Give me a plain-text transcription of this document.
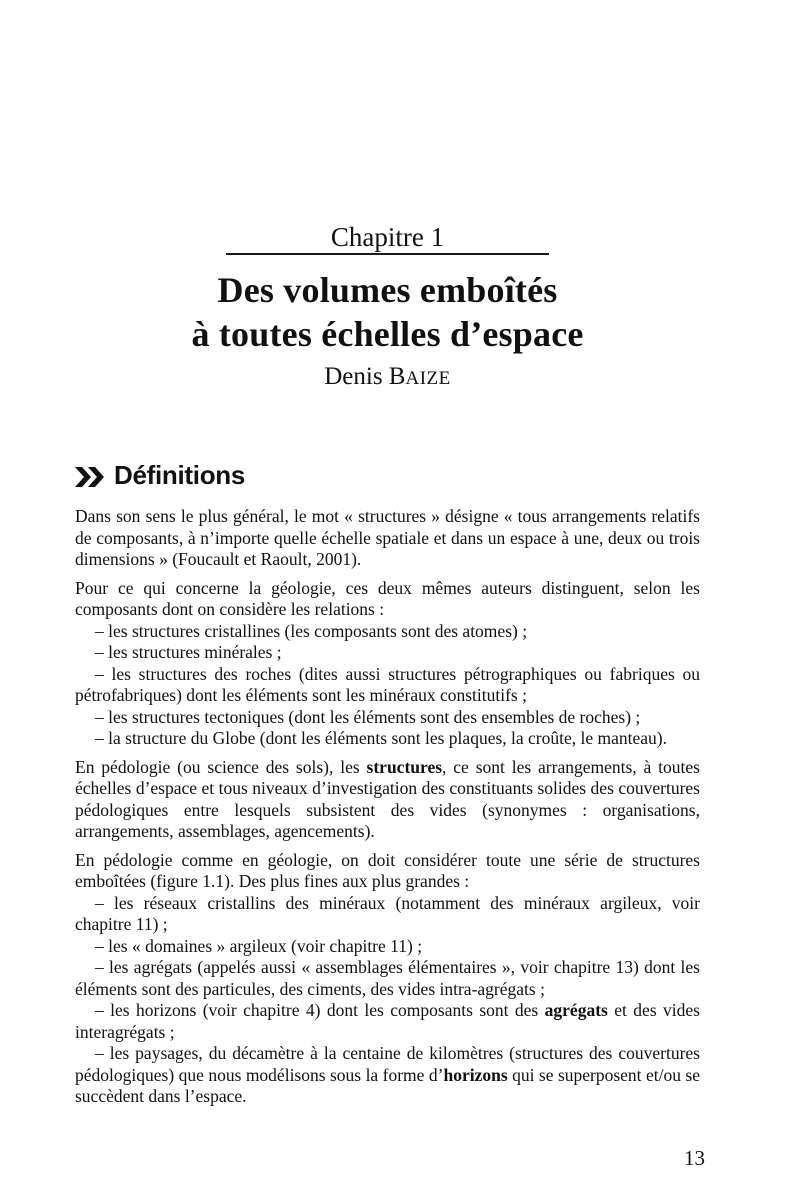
Chapitre 1
Des volumes emboîtés
à toutes échelles d’espace
Denis BAIZE
Définitions

Dans son sens le plus général, le mot « structures » désigne « tous arrangements relatifs de composants, à n’importe quelle échelle spatiale et dans un espace à une, deux ou trois dimensions » (Foucault et Raoult, 2001).

Pour ce qui concerne la géologie, ces deux mêmes auteurs distinguent, selon les composants dont on considère les relations :

– les structures cristallines (les composants sont des atomes) ;

– les structures minérales ;

– les structures des roches (dites aussi structures pétrographiques ou fabriques ou pétrofabriques) dont les éléments sont les minéraux constitutifs ;

– les structures tectoniques (dont les éléments sont des ensembles de roches) ;

– la structure du Globe (dont les éléments sont les plaques, la croûte, le manteau).

En pédologie (ou science des sols), les structures, ce sont les arrangements, à toutes échelles d’espace et tous niveaux d’investigation des constituants solides des couvertures pédologiques entre lesquels subsistent des vides (synonymes : organisations, arrangements, assemblages, agencements).

En pédologie comme en géologie, on doit considérer toute une série de structures emboîtées (figure 1.1). Des plus fines aux plus grandes :

– les réseaux cristallins des minéraux (notamment des minéraux argileux, voir chapitre 11) ;

– les « domaines » argileux (voir chapitre 11) ;

– les agrégats (appelés aussi « assemblages élémentaires », voir chapitre 13) dont les éléments sont des particules, des ciments, des vides intra-agrégats ;

– les horizons (voir chapitre 4) dont les composants sont des agrégats et des vides interagrégats ;

– les paysages, du décamètre à la centaine de kilomètres (structures des couvertures pédologiques) que nous modélisons sous la forme d’horizons qui se superposent et/ou se succèdent dans l’espace.

13
